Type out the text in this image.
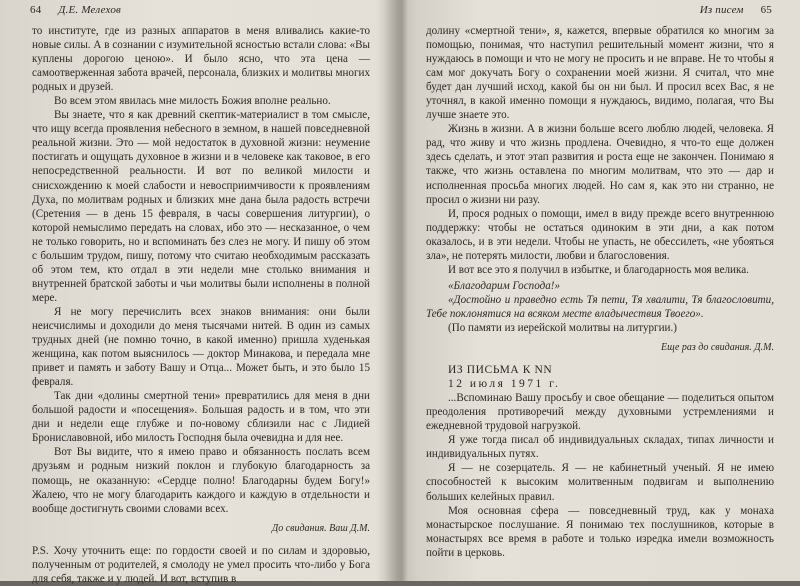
64 Д.Е. Мелехов

то институте, где из разных аппаратов в меня вливались какие-то новые силы. А в сознании с изумительной ясностью встали слова: «Вы куплены дорогою ценою». И было ясно, что эта цена — самоотверженная забота врачей, персонала, близких и молитвы многих родных и друзей.

Во всем этом явилась мне милость Божия вполне реально.

Вы знаете, что я как древний скептик-материалист в том смысле, что ищу всегда проявления небесного в земном, в нашей повседневной реальной жизни. Это — мой недостаток в духовной жизни: неумение постигать и ощущать духовное в жизни и в человеке как таковое, в его непосредственной реальности. И вот по великой милости и снисхождению к моей слабости и невосприимчивости к проявлениям Духа, по молитвам родных и близких мне дана была радость встречи (Сретения — в день 15 февраля, в часы совершения литургии), о которой немыслимо передать на словах, ибо это — несказанное, о чем не только говорить, но и вспоминать без слез не могу. И пишу об этом с большим трудом, пишу, потому что считаю необходимым рассказать об этом тем, кто отдал в эти недели мне столько внимания и внутренней братской заботы и чьи молитвы были исполнены в полной мере.

Я не могу перечислить всех знаков внимания: они были неисчислимы и доходили до меня тысячами нитей. В один из самых трудных дней (не помню точно, в какой именно) пришла худенькая женщина, как потом выяснилось — доктор Минакова, и передала мне привет и память и заботу Вашу и Отца... Может быть, и это было 15 февраля.

Так дни «долины смертной тени» превратились для меня в дни большой радости и «посещения». Большая радость и в том, что эти дни и недели еще глубже и по-новому сблизили нас с Лидией Брониславовной, ибо милость Господня была очевидна и для нее.

Вот Вы видите, что я имею право и обязанность послать всем друзьям и родным низкий поклон и глубокую благодарность за помощь, не оказанную: «Сердце полно! Благодарны будем Богу!» Жалею, что не могу благодарить каждого и каждую в отдельности и вообще достигнуть своими словами всех.

До свидания. Ваш Д.М.

P.S. Хочу уточнить еще: по гордости своей и по силам и здоровью, полученным от родителей, я смолоду не умел просить что-либо у Бога для себя, также и у людей. И вот, вступив в

Из писем 65

долину «смертной тени», я, кажется, впервые обратился ко многим за помощью, понимая, что наступил решительный момент жизни, что я нуждаюсь в помощи и что не могу не просить и не вправе. Не то чтобы я сам мог докучать Богу о сохранении моей жизни. Я считал, что мне будет дан лучший исход, какой бы он ни был. И просил всех Вас, я не уточнял, в какой именно помощи я нуждаюсь, видимо, полагая, что Вы лучше знаете это.

Жизнь в жизни. А в жизни больше всего люблю людей, человека. Я рад, что живу и что жизнь продлена. Очевидно, я что-то еще должен здесь сделать, и этот этап развития и роста еще не закончен. Понимаю я также, что жизнь оставлена по многим молитвам, что это — дар и исполненная просьба многих людей. Но сам я, как это ни странно, не просил о жизни ни разу.

И, прося родных о помощи, имел в виду прежде всего внутреннюю поддержку: чтобы не остаться одиноким в эти дни, а как потом оказалось, и в эти недели. Чтобы не упасть, не обессилеть, «не убояться зла», не потерять милости, любви и благословения.

И вот все это я получил в избытке, и благодарность моя велика.

«Благодарим Господа!»

«Достойно и праведно есть Тя пети, Тя хвалити, Тя благословити, Тебе поклонятися на всяком месте владычествия Твоего».

(По памяти из иерейской молитвы на литургии.)

Еще раз до свидания. Д.М.

ИЗ ПИСЬМА К NN

12 июля 1971 г.

...Вспоминаю Вашу просьбу и свое обещание — поделиться опытом преодоления противоречий между духовными устремлениями и ежедневной трудовой нагрузкой.

Я уже тогда писал об индивидуальных складах, типах личности и индивидуальных путях.

Я — не созерцатель. Я — не кабинетный ученый. Я не имею способностей к высоким молитвенным подвигам и выполнению больших келейных правил.

Моя основная сфера — повседневный труд, как у монаха монастырское послушание. Я понимаю тех послушников, которые в монастырях все время в работе и только изредка имели возможность пойти в церковь.
